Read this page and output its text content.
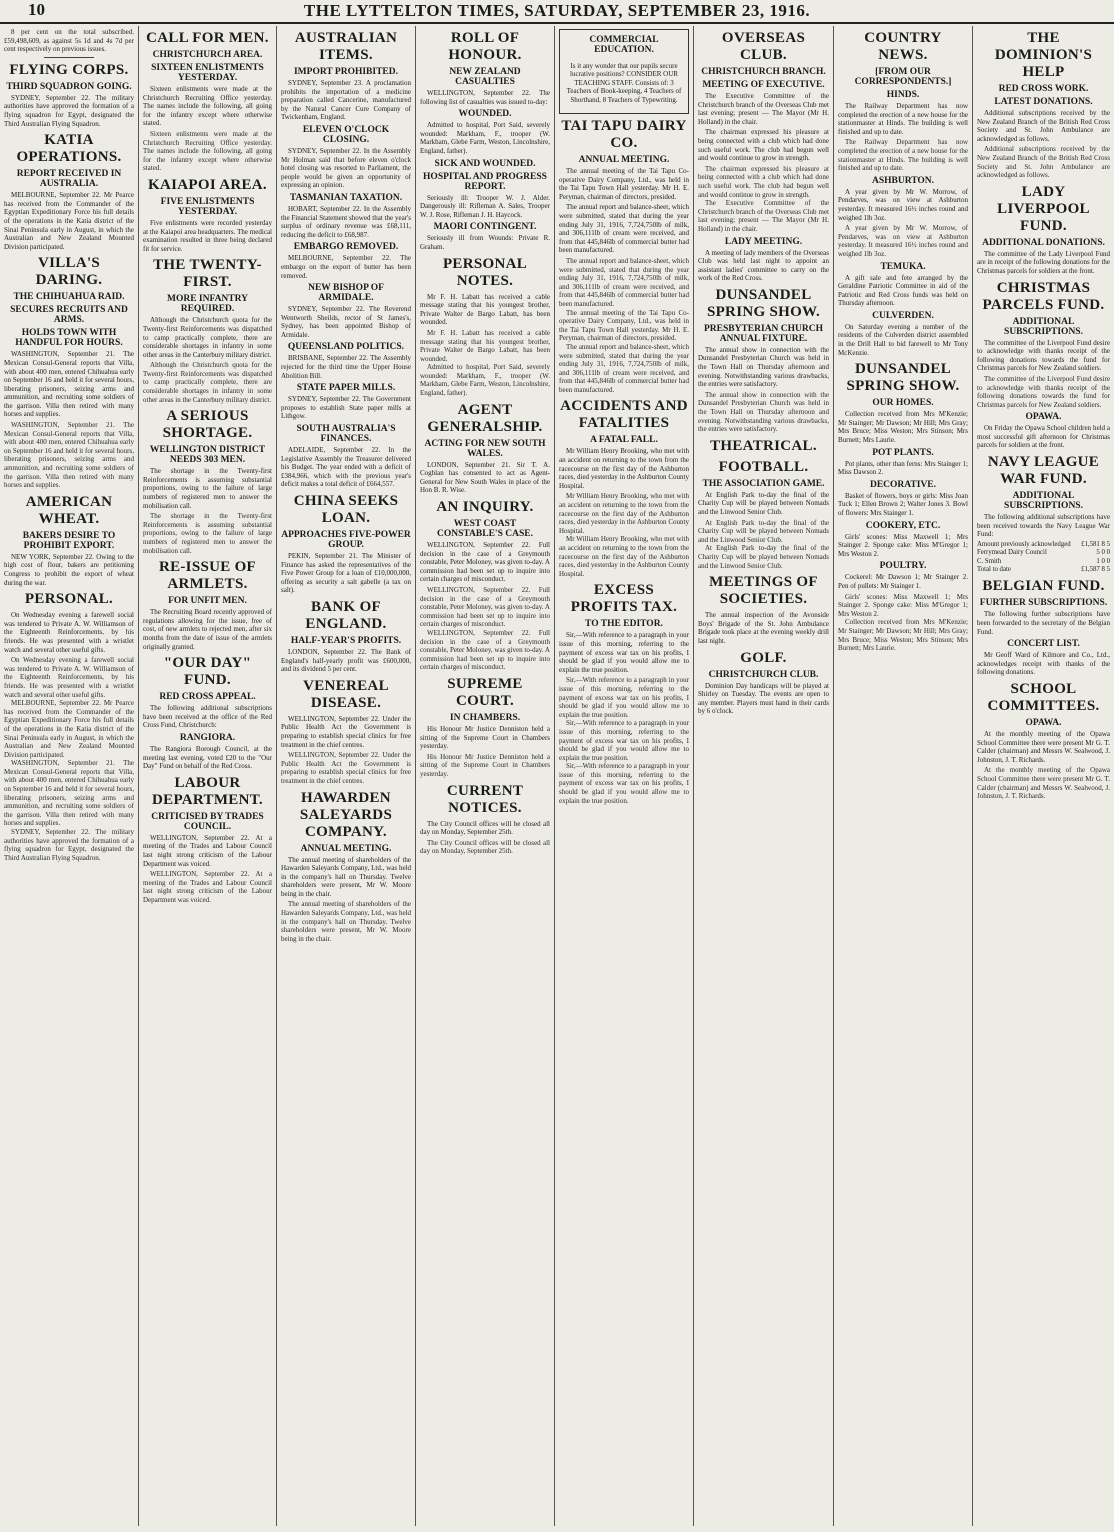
10	THE LYTTELTON TIMES, SATURDAY, SEPTEMBER 23, 1916.

8 per cent on the total subscribed. £59,498,609, as against 5s 1d and 4s 7d per cent respectively on previous issues.

FLYING CORPS.
THIRD SQUADRON GOING.

SYDNEY, September 22. The military authorities have approved the formation of a flying squadron for Egypt, designated the Third Australian Flying Squadron.

KATIA OPERATIONS.
REPORT RECEIVED IN AUSTRALIA.

MELBOURNE, September 22. Mr Pearce has received from the Commander of the Egyptian Expeditionary Force his full details of the operations in the Katia district of the Sinai Peninsula early in August, in which the Australian and New Zealand Mounted Division participated.

VILLA'S DARING.
THE CHIHUAHUA RAID.
SECURES RECRUITS AND ARMS.
HOLDS TOWN WITH HANDFUL FOR HOURS.

WASHINGTON, September 21. The Mexican Consul-General reports that Villa, with about 400 men, entered Chihuahua early on September 16 and held it for several hours, liberating prisoners, seizing arms and ammunition, and recruiting some soldiers of the garrison. Villa then retired with many horses and supplies.

WASHINGTON, September 21. The Mexican Consul-General reports that Villa, with about 400 men, entered Chihuahua early on September 16 and held it for several hours, liberating prisoners, seizing arms and ammunition, and recruiting some soldiers of the garrison. Villa then retired with many horses and supplies.

AMERICAN WHEAT.
BAKERS DESIRE TO PROHIBIT EXPORT.

NEW YORK, September 22. Owing to the high cost of flour, bakers are petitioning Congress to prohibit the export of wheat during the war.

PERSONAL.

On Wednesday evening a farewell social was tendered to Private A. W. Williamson of the Eighteenth Reinforcements, by his friends. He was presented with a wristlet watch and several other useful gifts.

On Wednesday evening a farewell social was tendered to Private A. W. Williamson of the Eighteenth Reinforcements, by his friends. He was presented with a wristlet watch and several other useful gifts.

MELBOURNE, September 22. Mr Pearce has received from the Commander of the Egyptian Expeditionary Force his full details of the operations in the Katia district of the Sinai Peninsula early in August, in which the Australian and New Zealand Mounted Division participated.

WASHINGTON, September 21. The Mexican Consul-General reports that Villa, with about 400 men, entered Chihuahua early on September 16 and held it for several hours, liberating prisoners, seizing arms and ammunition, and recruiting some soldiers of the garrison. Villa then retired with many horses and supplies.

SYDNEY, September 22. The military authorities have approved the formation of a flying squadron for Egypt, designated the Third Australian Flying Squadron.

CALL FOR MEN.
CHRISTCHURCH AREA.
SIXTEEN ENLISTMENTS YESTERDAY.

Sixteen enlistments were made at the Christchurch Recruiting Office yesterday. The names include the following, all going for the infantry except where otherwise stated.

Sixteen enlistments were made at the Christchurch Recruiting Office yesterday. The names include the following, all going for the infantry except where otherwise stated.

KAIAPOI AREA.
FIVE ENLISTMENTS YESTERDAY.

Five enlistments were recorded yesterday at the Kaiapoi area headquarters. The medical examination resulted in three being declared fit for service.

THE TWENTY-FIRST.
MORE INFANTRY REQUIRED.

Although the Christchurch quota for the Twenty-first Reinforcements was dispatched to camp practically complete, there are considerable shortages in infantry in some other areas in the Canterbury military district.

Although the Christchurch quota for the Twenty-first Reinforcements was dispatched to camp practically complete, there are considerable shortages in infantry in some other areas in the Canterbury military district.

A SERIOUS SHORTAGE.
WELLINGTON DISTRICT NEEDS 303 MEN.

The shortage in the Twenty-first Reinforcements is assuming substantial proportions, owing to the failure of large numbers of registered men to answer the mobilisation call.

The shortage in the Twenty-first Reinforcements is assuming substantial proportions, owing to the failure of large numbers of registered men to answer the mobilisation call.

RE-ISSUE OF ARMLETS.
FOR UNFIT MEN.

The Recruiting Board recently approved of regulations allowing for the issue, free of cost, of new armlets to rejected men, after six months from the date of issue of the armlets originally granted.

"OUR DAY" FUND.
RED CROSS APPEAL.

The following additional subscriptions have been received at the office of the Red Cross Fund, Christchurch:

RANGIORA.

The Rangiora Borough Council, at the meeting last evening, voted £20 to the "Our Day" Fund on behalf of the Red Cross.

LABOUR DEPARTMENT.
CRITICISED BY TRADES COUNCIL.

WELLINGTON, September 22. At a meeting of the Trades and Labour Council last night strong criticism of the Labour Department was voiced.

WELLINGTON, September 22. At a meeting of the Trades and Labour Council last night strong criticism of the Labour Department was voiced.

AUSTRALIAN ITEMS.
IMPORT PROHIBITED.

SYDNEY, September 23. A proclamation prohibits the importation of a medicine preparation called Cancerine, manufactured by the Natural Cancer Cure Company of Twickenham, England.

ELEVEN O'CLOCK CLOSING.

SYDNEY, September 22. In the Assembly Mr Holman said that before eleven o'clock hotel closing was resorted to Parliament, the people would be given an opportunity of expressing an opinion.

TASMANIAN TAXATION.

HOBART, September 22. In the Assembly the Financial Statement showed that the year's surplus of ordinary revenue was £68,111, reducing the deficit to £68,987.

EMBARGO REMOVED.

MELBOURNE, September 22. The embargo on the export of butter has been removed.

NEW BISHOP OF ARMIDALE.

SYDNEY, September 22. The Reverend Wentworth Sheilds, rector of St James's, Sydney, has been appointed Bishop of Armidale.

QUEENSLAND POLITICS.

BRISBANE, September 22. The Assembly rejected for the third time the Upper House Abolition Bill.

STATE PAPER MILLS.

SYDNEY, September 22. The Government proposes to establish State paper mills at Lithgow.

SOUTH AUSTRALIA'S FINANCES.

ADELAIDE, September 22. In the Legislative Assembly the Treasurer delivered his Budget. The year ended with a deficit of £384,966, which with the previous year's deficit makes a total deficit of £664,557.

CHINA SEEKS LOAN.
APPROACHES FIVE-POWER GROUP.

PEKIN, September 21. The Minister of Finance has asked the representatives of the Five Power Group for a loan of £10,000,000, offering as security a salt gabelle (a tax on salt).

BANK OF ENGLAND.
HALF-YEAR'S PROFITS.

LONDON, September 22. The Bank of England's half-yearly profit was £600,000, and its dividend 5 per cent.

VENEREAL DISEASE.

WELLINGTON, September 22. Under the Public Health Act the Government is preparing to establish special clinics for free treatment in the chief centres.

WELLINGTON, September 22. Under the Public Health Act the Government is preparing to establish special clinics for free treatment in the chief centres.

HAWARDEN SALEYARDS COMPANY.
ANNUAL MEETING.

The annual meeting of shareholders of the Hawarden Saleyards Company, Ltd., was held in the company's hall on Thursday. Twelve shareholders were present, Mr W. Moore being in the chair.

The annual meeting of shareholders of the Hawarden Saleyards Company, Ltd., was held in the company's hall on Thursday. Twelve shareholders were present, Mr W. Moore being in the chair.

ROLL OF HONOUR.
NEW ZEALAND CASUALTIES

WELLINGTON, September 22. The following list of casualties was issued to-day:

WOUNDED.

Admitted to hospital, Port Said, severely wounded: Markham, F., trooper (W. Markham, Glebe Farm, Weston, Lincolnshire, England, father).

SICK AND WOUNDED.
HOSPITAL AND PROGRESS REPORT.

Seriously ill: Trooper W. J. Alder. Dangerously ill: Rifleman A. Sales, Trooper W. J. Rose, Rifleman J. H. Haycock.

MAORI CONTINGENT.

Seriously ill from Wounds: Private R. Graham.

PERSONAL NOTES.

Mr F. H. Labatt has received a cable message stating that his youngest brother, Private Walter de Bargo Labatt, has been wounded.

Mr F. H. Labatt has received a cable message stating that his youngest brother, Private Walter de Bargo Labatt, has been wounded.

Admitted to hospital, Port Said, severely wounded: Markham, F., trooper (W. Markham, Glebe Farm, Weston, Lincolnshire, England, father).

AGENT GENERALSHIP.
ACTING FOR NEW SOUTH WALES.

LONDON, September 21. Sir T. A. Coghlan has consented to act as Agent-General for New South Wales in place of the Hon B. R. Wise.

AN INQUIRY.
WEST COAST CONSTABLE'S CASE.

WELLINGTON, September 22. Full decision in the case of a Greymouth constable, Peter Moloney, was given to-day. A commission had been set up to inquire into certain charges of misconduct.

WELLINGTON, September 22. Full decision in the case of a Greymouth constable, Peter Moloney, was given to-day. A commission had been set up to inquire into certain charges of misconduct.

WELLINGTON, September 22. Full decision in the case of a Greymouth constable, Peter Moloney, was given to-day. A commission had been set up to inquire into certain charges of misconduct.

SUPREME COURT.
IN CHAMBERS.

His Honour Mr Justice Denniston held a sitting of the Supreme Court in Chambers yesterday.

His Honour Mr Justice Denniston held a sitting of the Supreme Court in Chambers yesterday.

CURRENT NOTICES.

The City Council offices will be closed all day on Monday, September 25th.

The City Council offices will be closed all day on Monday, September 25th.

COMMERCIAL EDUCATION.

Is it any wonder that our pupils secure lucrative positions? CONSIDER OUR TEACHING STAFF. Consists of: 3 Teachers of Book-keeping, 4 Teachers of Shorthand, 8 Teachers of Typewriting.

TAI TAPU DAIRY CO.
ANNUAL MEETING.

The annual meeting of the Tai Tapu Co-operative Dairy Company, Ltd., was held in the Tai Tapu Town Hall yesterday. Mr H. E. Peryman, chairman of directors, presided.

The annual report and balance-sheet, which were submitted, stated that during the year ending July 31, 1916, 7,724,750lb of milk, and 306,111lb of cream were received, and from that 445,846lb of commercial butter had been manufactured.

The annual report and balance-sheet, which were submitted, stated that during the year ending July 31, 1916, 7,724,750lb of milk, and 306,111lb of cream were received, and from that 445,846lb of commercial butter had been manufactured.

The annual meeting of the Tai Tapu Co-operative Dairy Company, Ltd., was held in the Tai Tapu Town Hall yesterday. Mr H. E. Peryman, chairman of directors, presided.

The annual report and balance-sheet, which were submitted, stated that during the year ending July 31, 1916, 7,724,750lb of milk, and 306,111lb of cream were received, and from that 445,846lb of commercial butter had been manufactured.

ACCIDENTS AND FATALITIES
A FATAL FALL.

Mr William Henry Brooking, who met with an accident on returning to the town from the racecourse on the first day of the Ashburton races, died yesterday in the Ashburton County Hospital.

Mr William Henry Brooking, who met with an accident on returning to the town from the racecourse on the first day of the Ashburton races, died yesterday in the Ashburton County Hospital.

Mr William Henry Brooking, who met with an accident on returning to the town from the racecourse on the first day of the Ashburton races, died yesterday in the Ashburton County Hospital.

EXCESS PROFITS TAX.
TO THE EDITOR.

Sir,—With reference to a paragraph in your issue of this morning, referring to the payment of excess war tax on his profits, I should be glad if you would allow me to explain the true position.

Sir,—With reference to a paragraph in your issue of this morning, referring to the payment of excess war tax on his profits, I should be glad if you would allow me to explain the true position.

Sir,—With reference to a paragraph in your issue of this morning, referring to the payment of excess war tax on his profits, I should be glad if you would allow me to explain the true position.

Sir,—With reference to a paragraph in your issue of this morning, referring to the payment of excess war tax on his profits, I should be glad if you would allow me to explain the true position.

OVERSEAS CLUB.
CHRISTCHURCH BRANCH.
MEETING OF EXECUTIVE.

The Executive Committee of the Christchurch branch of the Overseas Club met last evening; present — The Mayor (Mr H. Holland) in the chair.

The chairman expressed his pleasure at being connected with a club which had done such useful work. The club had begun well and would continue to grow in strength.

The chairman expressed his pleasure at being connected with a club which had done such useful work. The club had begun well and would continue to grow in strength.

The Executive Committee of the Christchurch branch of the Overseas Club met last evening; present — The Mayor (Mr H. Holland) in the chair.

LADY MEETING.

A meeting of lady members of the Overseas Club was held last night to appoint an assistant ladies' committee to carry on the work of the Red Cross.

DUNSANDEL SPRING SHOW.
PRESBYTERIAN CHURCH ANNUAL FIXTURE.

The annual show in connection with the Dunsandel Presbyterian Church was held in the Town Hall on Thursday afternoon and evening. Notwithstanding various drawbacks, the entries were satisfactory.

The annual show in connection with the Dunsandel Presbyterian Church was held in the Town Hall on Thursday afternoon and evening. Notwithstanding various drawbacks, the entries were satisfactory.

THEATRICAL.
FOOTBALL.
THE ASSOCIATION GAME.

At English Park to-day the final of the Charity Cup will be played between Nomads and the Linwood Senior Club.

At English Park to-day the final of the Charity Cup will be played between Nomads and the Linwood Senior Club.

At English Park to-day the final of the Charity Cup will be played between Nomads and the Linwood Senior Club.

MEETINGS OF SOCIETIES.

The annual inspection of the Avonside Boys' Brigade of the St. John Ambulance Brigade took place at the evening weekly drill last night.

GOLF.
CHRISTCHURCH CLUB.

Dominion Day handicaps will be played at Shirley on Tuesday. The events are open to any member. Players must hand in their cards by 6 o'clock.

COUNTRY NEWS.
[FROM OUR CORRESPONDENTS.]
HINDS.

The Railway Department has now completed the erection of a new house for the stationmaster at Hinds. The building is well finished and up to date.

The Railway Department has now completed the erection of a new house for the stationmaster at Hinds. The building is well finished and up to date.

ASHBURTON.

A year given by Mr W. Morrow, of Pendarves, was on view at Ashburton yesterday. It measured 16½ inches round and weighed 1lb 3oz.

A year given by Mr W. Morrow, of Pendarves, was on view at Ashburton yesterday. It measured 16½ inches round and weighed 1lb 3oz.

TEMUKA.

A gift sale and fete arranged by the Geraldine Patriotic Committee in aid of the Patriotic and Red Cross funds was held on Thursday afternoon.

CULVERDEN.

On Saturday evening a number of the residents of the Culverden district assembled in the Drill Hall to bid farewell to Mr Tony McKenzie.

DUNSANDEL SPRING SHOW.
OUR HOMES.

Collection received from Mrs M'Kenzie; Mr Stainger; Mr Dawson; Mr Hill; Mrs Gray; Mrs Bruce; Miss Weston; Mrs Stinson; Mrs Burnett; Mrs Laurie.

POT PLANTS.

Pot plants, other than ferns: Mrs Stainger 1; Miss Dawson 2.

DECORATIVE.

Basket of flowers, boys or girls: Miss Joan Tuck 1; Ellen Brown 2; Walter Jones 3. Bowl of flowers: Mrs Stainger 1.

COOKERY, ETC.

Girls' scones: Miss Maxwell 1; Mrs Stainger 2. Sponge cake: Miss M'Gregor 1; Mrs Weston 2.

POULTRY.

Cockerel: Mr Dawson 1; Mr Stainger 2. Pen of pullets: Mr Stainger 1.

Girls' scones: Miss Maxwell 1; Mrs Stainger 2. Sponge cake: Miss M'Gregor 1; Mrs Weston 2.

Collection received from Mrs M'Kenzie; Mr Stainger; Mr Dawson; Mr Hill; Mrs Gray; Mrs Bruce; Miss Weston; Mrs Stinson; Mrs Burnett; Mrs Laurie.

THE DOMINION'S HELP
RED CROSS WORK.
LATEST DONATIONS.

Additional subscriptions received by the New Zealand Branch of the British Red Cross Society and St. John Ambulance are acknowledged as follows.

Additional subscriptions received by the New Zealand Branch of the British Red Cross Society and St. John Ambulance are acknowledged as follows.

LADY LIVERPOOL FUND.
ADDITIONAL DONATIONS.

The committee of the Lady Liverpool Fund are in receipt of the following donations for the Christmas parcels for soldiers at the front.

CHRISTMAS PARCELS FUND.
ADDITIONAL SUBSCRIPTIONS.

The committee of the Liverpool Fund desire to acknowledge with thanks receipt of the following donations towards the fund for Christmas parcels for New Zealand soldiers.

The committee of the Liverpool Fund desire to acknowledge with thanks receipt of the following donations towards the fund for Christmas parcels for New Zealand soldiers.

OPAWA.

On Friday the Opawa School children held a most successful gift afternoon for Christmas parcels for soldiers at the front.

NAVY LEAGUE WAR FUND.
ADDITIONAL SUBSCRIPTIONS.

The following additional subscriptions have been received towards the Navy League War Fund:

Amount previously acknowledged £1,581 8 5
Ferrymead Dairy Council	5 0 0
C. Smith	1 0 0
Total to date	£1,587 8 5
BELGIAN FUND.
FURTHER SUBSCRIPTIONS.

The following further subscriptions have been forwarded to the secretary of the Belgian Fund.

CONCERT LIST.

Mr Geoff Ward of Kilmore and Co., Ltd., acknowledges receipt with thanks of the following donations.

SCHOOL COMMITTEES.
OPAWA.

At the monthly meeting of the Opawa School Committee there were present Mr G. T. Calder (chairman) and Messrs W. Sealwood, J. Johnston, J. T. Richards.

At the monthly meeting of the Opawa School Committee there were present Mr G. T. Calder (chairman) and Messrs W. Sealwood, J. Johnston, J. T. Richards.
